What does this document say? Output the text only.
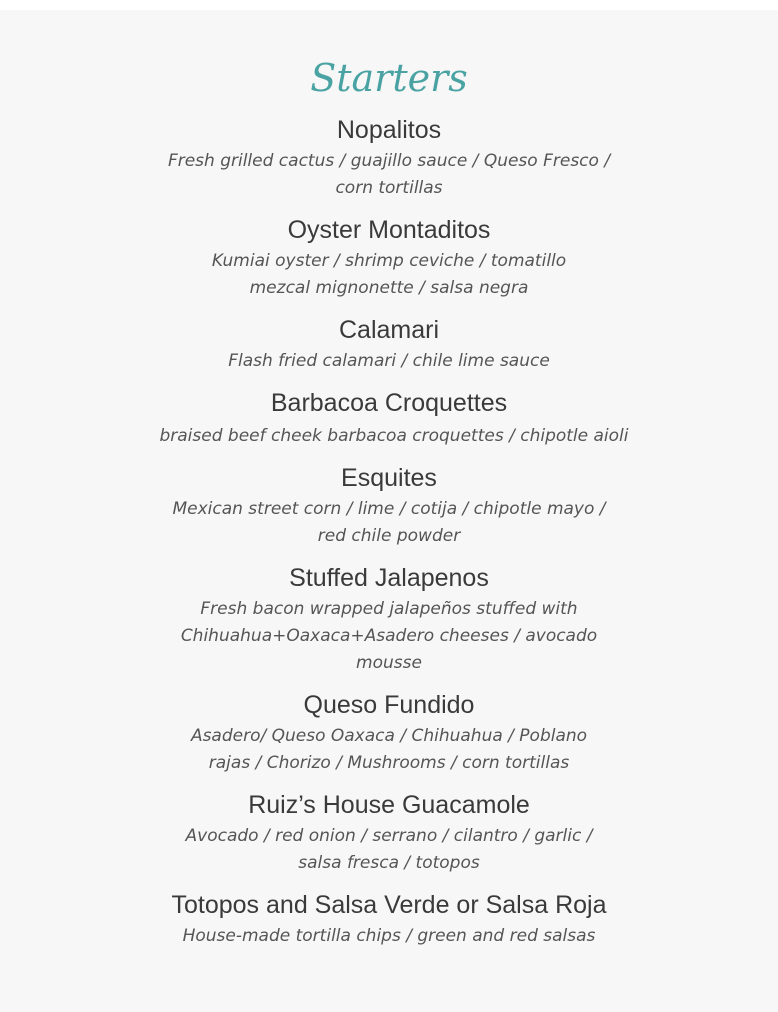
Starters
Nopalitos
Fresh grilled cactus / guajillo sauce / Queso Fresco / corn tortillas
Oyster Montaditos
Kumiai oyster / shrimp ceviche / tomatillo mezcal mignonette / salsa negra
Calamari
Flash fried calamari / chile lime sauce
Barbacoa Croquettes
braised beef cheek barbacoa croquettes / chipotle aioli
Esquites
Mexican street corn / lime / cotija / chipotle mayo / red chile powder
Stuffed Jalapenos
Fresh bacon wrapped jalapeños stuffed with Chihuahua+Oaxaca+Asadero cheeses / avocado mousse
Queso Fundido
Asadero/ Queso Oaxaca / Chihuahua / Poblano rajas / Chorizo / Mushrooms / corn tortillas
Ruiz’s House Guacamole
Avocado / red onion / serrano / cilantro / garlic / salsa fresca / totopos
Totopos and Salsa Verde or Salsa Roja
House-made tortilla chips / green and red salsas
